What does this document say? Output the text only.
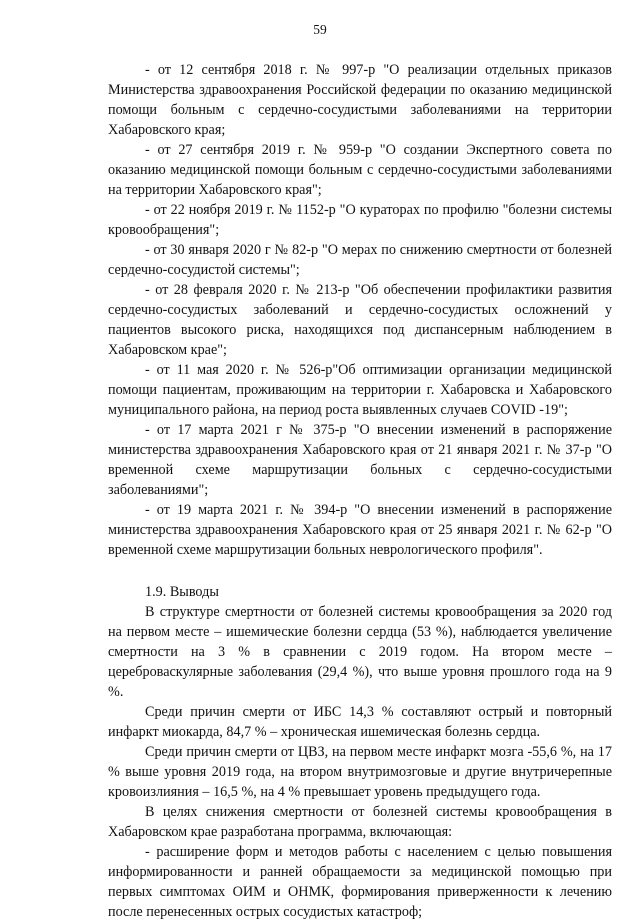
59

- от 12 сентября 2018 г. № 997-р "О реализации отдельных приказов Министерства здравоохранения Российской федерации по оказанию медицинской помощи больным с сердечно-сосудистыми заболеваниями на территории Хабаровского края;

- от 27 сентября 2019 г. № 959-р "О создании Экспертного совета по оказанию медицинской помощи больным с сердечно-сосудистыми заболеваниями на территории Хабаровского края";

- от 22 ноября 2019 г. № 1152-р "О кураторах по профилю "болезни системы кровообращения";

- от 30 января 2020 г № 82-р "О мерах по снижению смертности от болезней сердечно-сосудистой системы";

- от 28 февраля 2020 г. № 213-р "Об обеспечении профилактики развития сердечно-сосудистых заболеваний и сердечно-сосудистых осложнений у пациентов высокого риска, находящихся под диспансерным наблюдением в Хабаровском крае";

- от 11 мая 2020 г. № 526-р"Об оптимизации организации медицинской помощи пациентам, проживающим на территории г. Хабаровска и Хабаровского муниципального района, на период роста выявленных случаев COVID -19";

- от 17 марта 2021 г № 375-р "О внесении изменений в распоряжение министерства здравоохранения Хабаровского края от 21 января 2021 г. № 37-р "О временной схеме маршрутизации больных с сердечно-сосудистыми заболеваниями";

- от 19 марта 2021 г. № 394-р "О внесении изменений в распоряжение министерства здравоохранения Хабаровского края от 25 января 2021 г. № 62-р "О временной схеме маршрутизации больных неврологического профиля".

1.9. Выводы

В структуре смертности от болезней системы кровообращения за 2020 год на первом месте – ишемические болезни сердца (53 %), наблюдается увеличение смертности на 3 % в сравнении с 2019 годом. На втором месте – цереброваскулярные заболевания (29,4 %), что выше уровня прошлого года на 9 %.

Среди причин смерти от ИБС 14,3 % составляют острый и повторный инфаркт миокарда, 84,7 % – хроническая ишемическая болезнь сердца.

Среди причин смерти от ЦВЗ, на первом месте инфаркт мозга -55,6 %, на 17 % выше уровня 2019 года, на втором внутримозговые и другие внутричерепные кровоизлияния – 16,5 %, на 4 % превышает уровень предыдущего года.

В целях снижения смертности от болезней системы кровообращения в Хабаровском крае разработана программа, включающая:

- расширение форм и методов работы с населением с целью повышения информированности и ранней обращаемости за медицинской помощью при первых симптомах ОИМ и ОНМК, формирования приверженности к лечению после перенесенных острых сосудистых катастроф;
